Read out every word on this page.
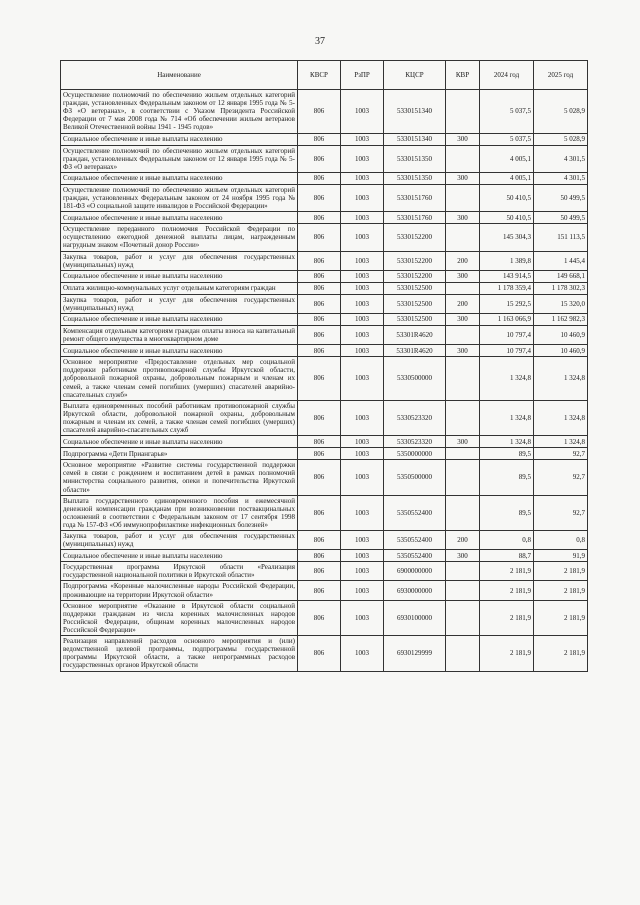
37
Наименование	КВСР	РзПР	КЦСР	КВР	2024 год	2025 год
Осуществление полномочий по обеспечению жильем отдельных категорий граждан, установленных Федеральным законом от 12 января 1995 года № 5-ФЗ «О ветеранах», в соответствии с Указом Президента Российской Федерации от 7 мая 2008 года № 714 «Об обеспечении жильем ветеранов Великой Отечественной войны 1941 - 1945 годов»	806	1003	5330151340		5 037,5	5 028,9
Социальное обеспечение и иные выплаты населению	806	1003	5330151340	300	5 037,5	5 028,9
Осуществление полномочий по обеспечению жильем отдельных категорий граждан, установленных Федеральным законом от 12 января 1995 года № 5-ФЗ «О ветеранах»	806	1003	5330151350		4 005,1	4 301,5
Социальное обеспечение и иные выплаты населению	806	1003	5330151350	300	4 005,1	4 301,5
Осуществление полномочий по обеспечению жильем отдельных категорий граждан, установленных Федеральным законом от 24 ноября 1995 года № 181-ФЗ «О социальной защите инвалидов в Российской Федерации»	806	1003	5330151760		50 410,5	50 499,5
Социальное обеспечение и иные выплаты населению	806	1003	5330151760	300	50 410,5	50 499,5
Осуществление переданного полномочия Российской Федерации по осуществлению ежегодной денежной выплаты лицам, награжденным нагрудным знаком «Почетный донор России»	806	1003	5330152200		145 304,3	151 113,5
Закупка товаров, работ и услуг для обеспечения государственных (муниципальных) нужд	806	1003	5330152200	200	1 389,8	1 445,4
Социальное обеспечение и иные выплаты населению	806	1003	5330152200	300	143 914,5	149 668,1
Оплата жилищно-коммунальных услуг отдельным категориям граждан	806	1003	5330152500		1 178 359,4	1 178 302,3
Закупка товаров, работ и услуг для обеспечения государственных (муниципальных) нужд	806	1003	5330152500	200	15 292,5	15 320,0
Социальное обеспечение и иные выплаты населению	806	1003	5330152500	300	1 163 066,9	1 162 982,3
Компенсация отдельным категориям граждан оплаты взноса на капитальный ремонт общего имущества в многоквартирном доме	806	1003	53301R4620		10 797,4	10 460,9
Социальное обеспечение и иные выплаты населению	806	1003	53301R4620	300	10 797,4	10 460,9
Основное мероприятие «Предоставление отдельных мер социальной поддержки работникам противопожарной службы Иркутской области, добровольной пожарной охраны, добровольным пожарным и членам их семей, а также членам семей погибших (умерших) спасателей аварийно-спасательных служб»	806	1003	5330500000		1 324,8	1 324,8
Выплата единовременных пособий работникам противопожарной службы Иркутской области, добровольной пожарной охраны, добровольным пожарным и членам их семей, а также членам семей погибших (умерших) спасателей аварийно-спасательных служб	806	1003	5330523320		1 324,8	1 324,8
Социальное обеспечение и иные выплаты населению	806	1003	5330523320	300	1 324,8	1 324,8
Подпрограмма «Дети Приангарья»	806	1003	5350000000		89,5	92,7
Основное мероприятие «Развитие системы государственной поддержки семей в связи с рождением и воспитанием детей в рамках полномочий министерства социального развития, опеки и попечительства Иркутской области»	806	1003	5350500000		89,5	92,7
Выплата государственного единовременного пособия и ежемесячной денежной компенсации гражданам при возникновении поствакцинальных осложнений в соответствии с Федеральным законом от 17 сентября 1998 года № 157-ФЗ «Об иммунопрофилактике инфекционных болезней»	806	1003	5350552400		89,5	92,7
Закупка товаров, работ и услуг для обеспечения государственных (муниципальных) нужд	806	1003	5350552400	200	0,8	0,8
Социальное обеспечение и иные выплаты населению	806	1003	5350552400	300	88,7	91,9
Государственная программа Иркутской области «Реализация государственной национальной политики в Иркутской области»	806	1003	6900000000		2 181,9	2 181,9
Подпрограмма «Коренные малочисленные народы Российской Федерации, проживающие на территории Иркутской области»	806	1003	6930000000		2 181,9	2 181,9
Основное мероприятие «Оказание в Иркутской области социальной поддержки гражданам из числа коренных малочисленных народов Российской Федерации, общинам коренных малочисленных народов Российской Федерации»	806	1003	6930100000		2 181,9	2 181,9
Реализация направлений расходов основного мероприятия и (или) ведомственной целевой программы, подпрограммы государственной программы Иркутской области, а также непрограммных расходов государственных органов Иркутской области	806	1003	6930129999		2 181,9	2 181,9
